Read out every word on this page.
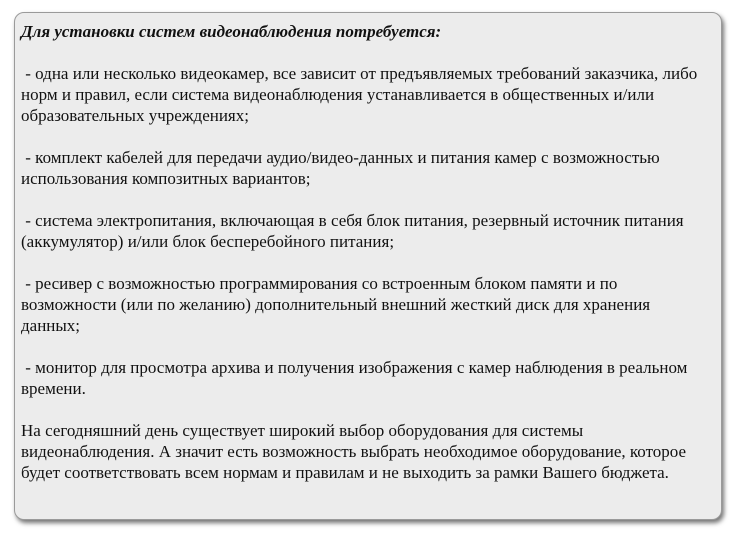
Для установки систем видеонаблюдения потребуется:

- одна или несколько видеокамер, все зависит от предъявляемых требований заказчика, либо норм и правил, если система видеонаблюдения устанавливается в общественных и/или образовательных учреждениях;

- комплект кабелей для передачи аудио/видео-данных и питания камер с возможностью использования композитных вариантов;

- система электропитания, включающая в себя блок питания, резервный источник питания (аккумулятор) и/или блок бесперебойного питания;

- ресивер с возможностью программирования со встроенным блоком памяти и по возможности (или по желанию) дополнительный внешний жесткий диск для хранения данных;

- монитор для просмотра архива и получения изображения с камер наблюдения в реальном времени.

На сегодняшний день существует широкий выбор оборудования для системы видеонаблюдения. А значит есть возможность выбрать необходимое оборудование, которое будет соответствовать всем нормам и правилам и не выходить за рамки Вашего бюджета.
